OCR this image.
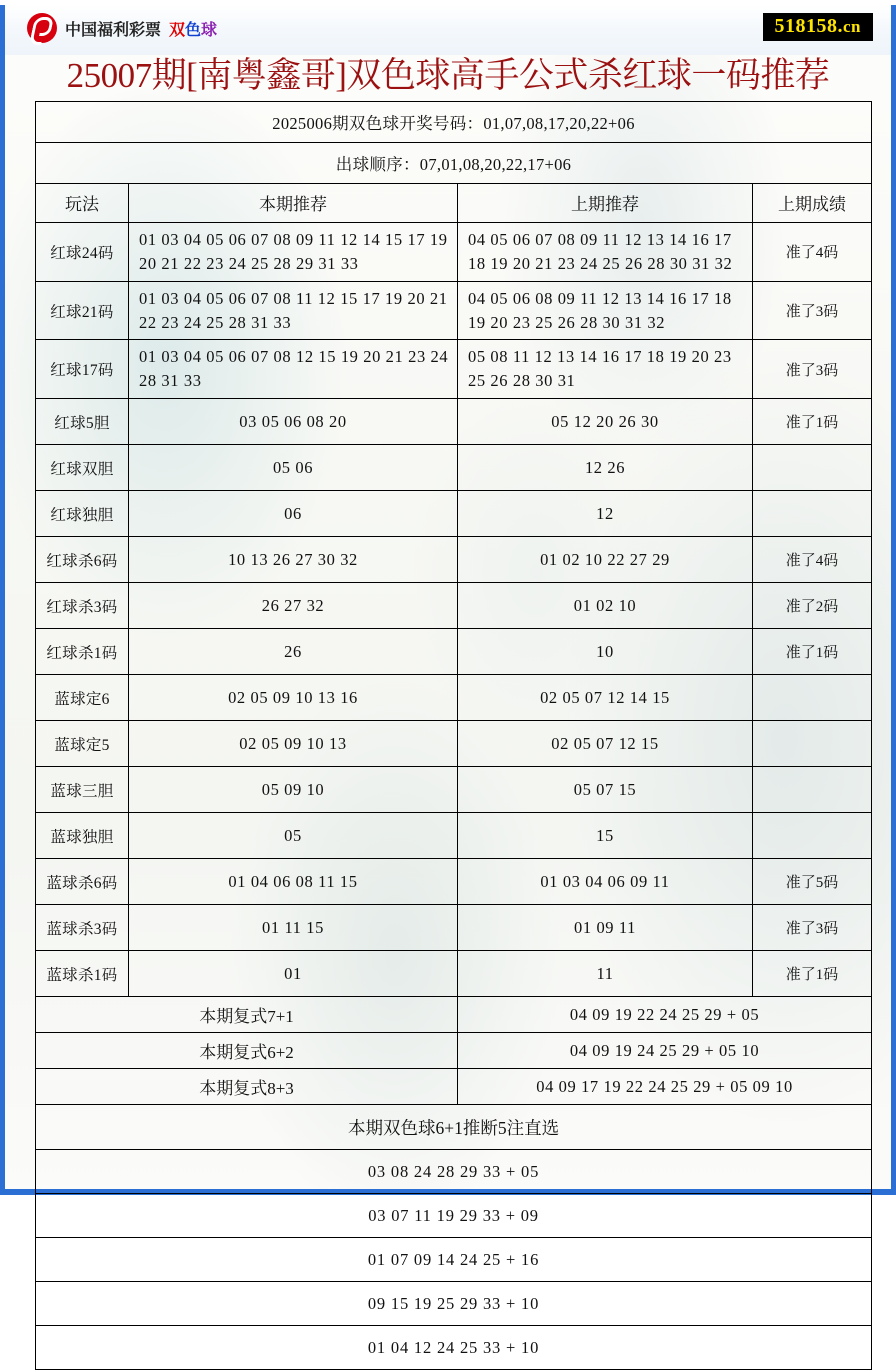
中国福利彩票 双色球	518158.cn
25007期[南粤鑫哥]双色球高手公式杀红球一码推荐
2025006期双色球开奖号码：01,07,08,17,20,22+06			
出球顺序：07,01,08,20,22,17+06			
玩法	本期推荐	上期推荐	上期成绩
红球24码	01 03 04 05 06 07 08 09 11 12 14 15 17 19 20 21 22 23 24 25 28 29 31 33	04 05 06 07 08 09 11 12 13 14 16 17 18 19 20 21 23 24 25 26 28 30 31 32	准了4码
红球21码	01 03 04 05 06 07 08 11 12 15 17 19 20 21 22 23 24 25 28 31 33	04 05 06 08 09 11 12 13 14 16 17 18 19 20 23 25 26 28 30 31 32	准了3码
红球17码	01 03 04 05 06 07 08 12 15 19 20 21 23 24 28 31 33	05 08 11 12 13 14 16 17 18 19 20 23 25 26 28 30 31	准了3码
红球5胆	03 05 06 08 20	05 12 20 26 30	准了1码
红球双胆	05 06	12 26	
红球独胆	06	12	
红球杀6码	10 13 26 27 30 32	01 02 10 22 27 29	准了4码
红球杀3码	26 27 32	01 02 10	准了2码
红球杀1码	26	10	准了1码
蓝球定6	02 05 09 10 13 16	02 05 07 12 14 15	
蓝球定5	02 05 09 10 13	02 05 07 12 15	
蓝球三胆	05 09 10	05 07 15	
蓝球独胆	05	15	
蓝球杀6码	01 04 06 08 11 15	01 03 04 06 09 11	准了5码
蓝球杀3码	01 11 15	01 09 11	准了3码
蓝球杀1码	01	11	准了1码
本期复式7+1		04 09 19 22 24 25 29 + 05	
本期复式6+2		04 09 19 24 25 29 + 05 10	
本期复式8+3		04 09 17 19 22 24 25 29 + 05 09 10	
本期双色球6+1推断5注直选			
03 08 24 28 29 33 + 05			
03 07 11 19 29 33 + 09			
01 07 09 14 24 25 + 16			
09 15 19 25 29 33 + 10			
01 04 12 24 25 33 + 10			
